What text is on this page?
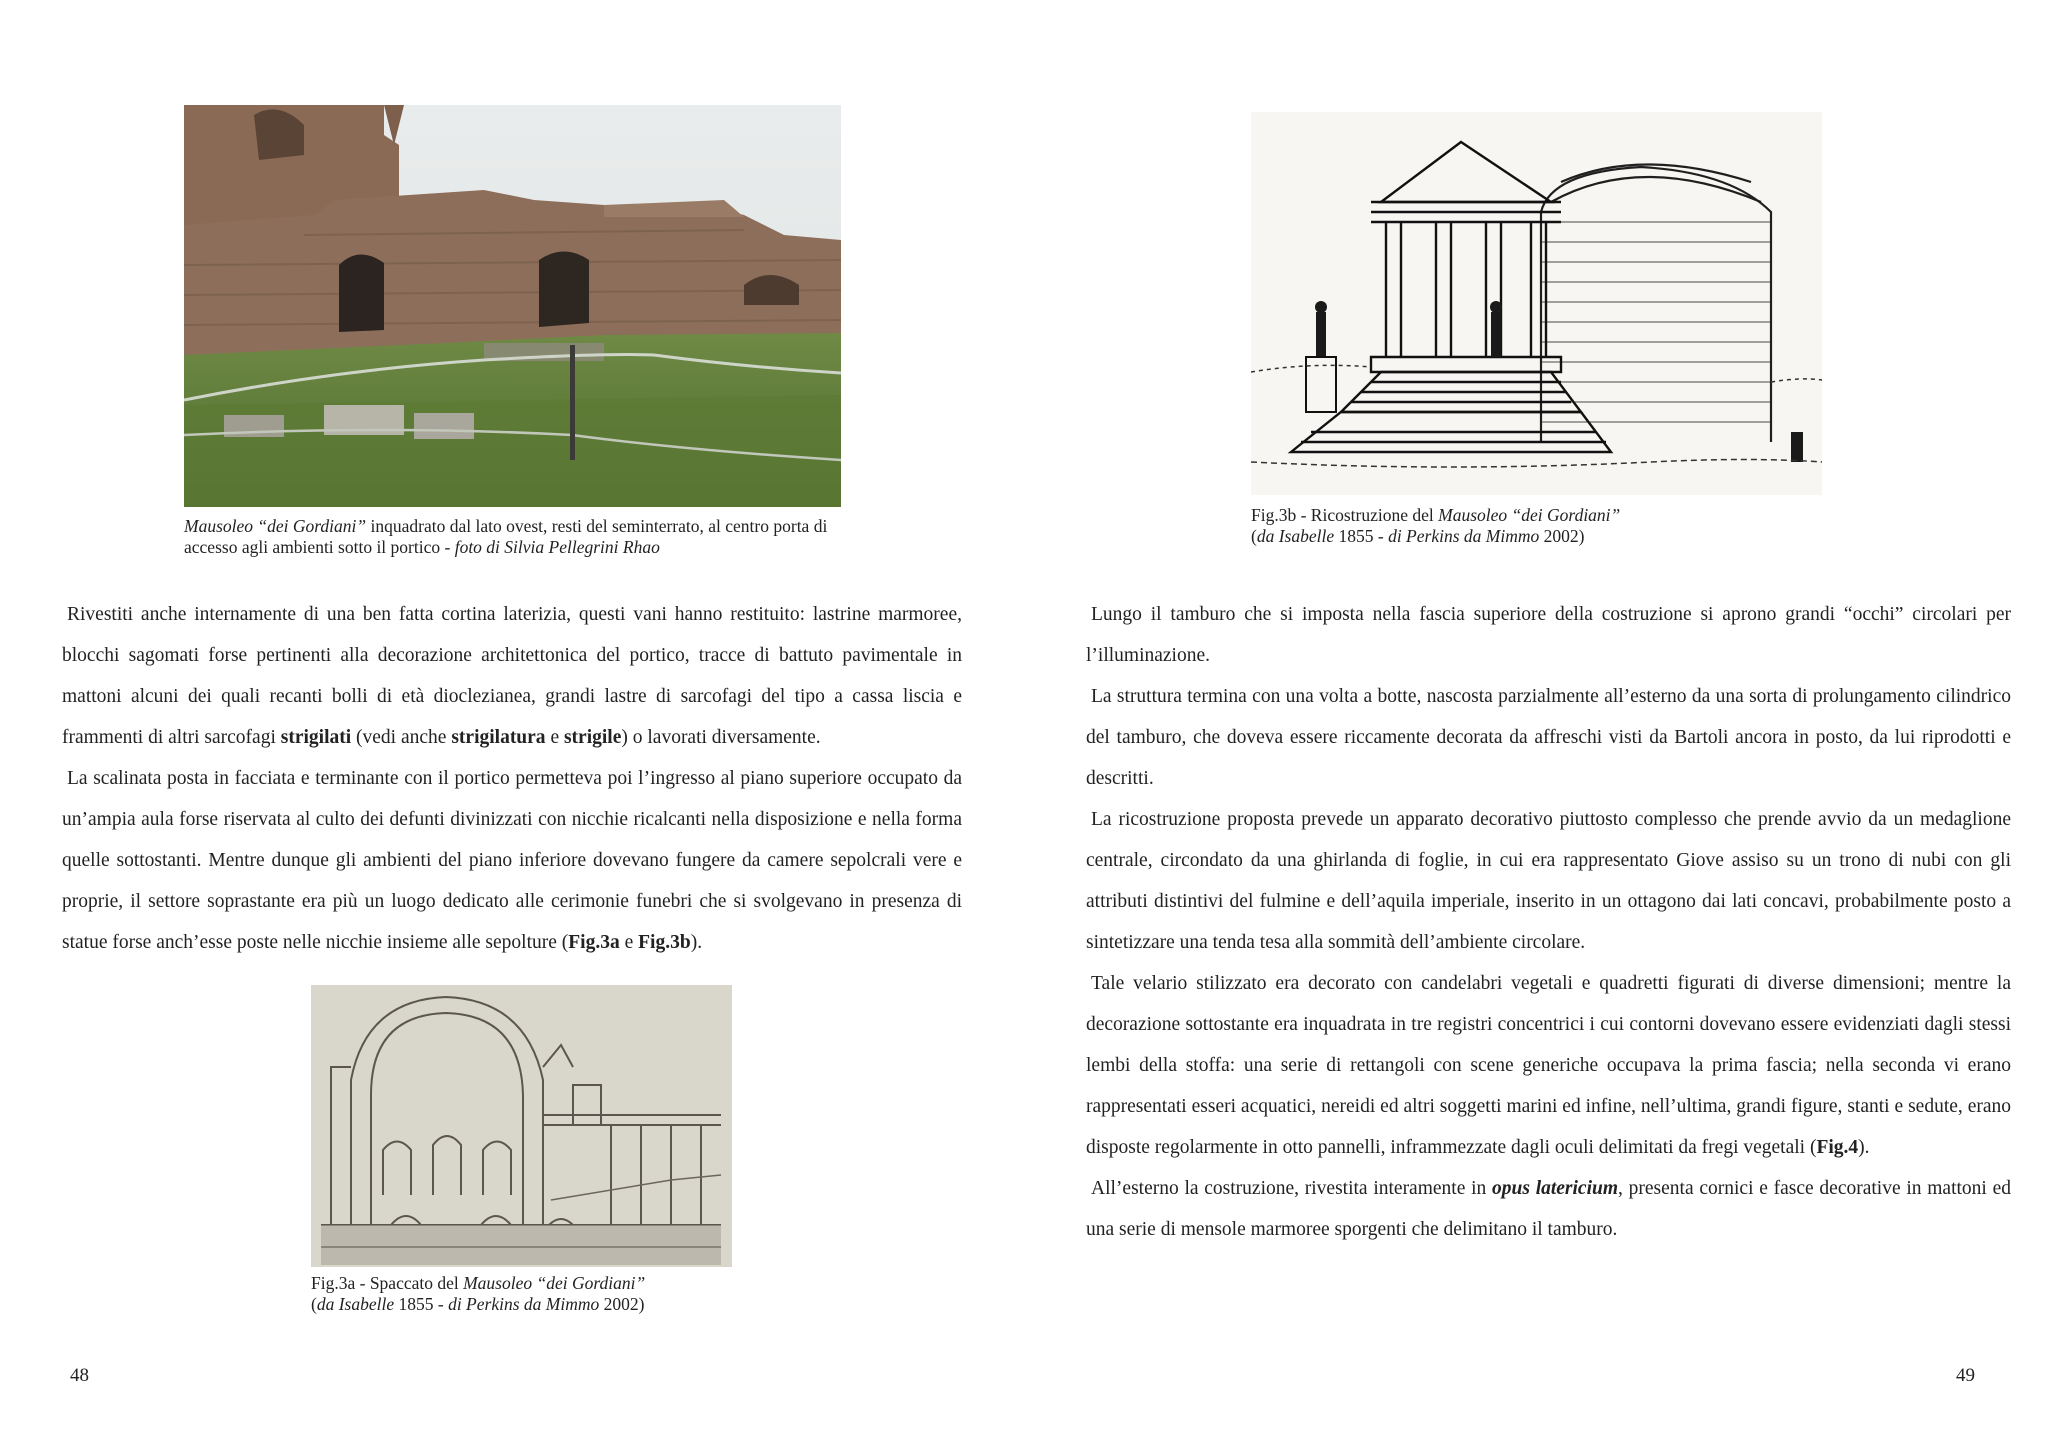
Mausoleo “dei Gordiani” inquadrato dal lato ovest, resti del seminterrato, al centro porta di accesso agli ambienti sotto il portico - foto di Silvia Pellegrini Rhao

Rivestiti anche internamente di una ben fatta cortina laterizia, questi vani hanno restituito: lastrine marmoree, blocchi sagomati forse pertinenti alla decorazione architettonica del portico, tracce di battuto pavimentale in mattoni alcuni dei quali recanti bolli di età dioclezianea, grandi lastre di sarcofagi del tipo a cassa liscia e frammenti di altri sarcofagi strigilati (vedi anche strigilatura e strigile) o lavorati diversamente.

La scalinata posta in facciata e terminante con il portico permetteva poi l’ingresso al piano superiore occupato da un’ampia aula forse riservata al culto dei defunti divinizzati con nicchie ricalcanti nella disposizione e nella forma quelle sottostanti. Mentre dunque gli ambienti del piano inferiore dovevano fungere da camere sepolcrali vere e proprie, il settore soprastante era più un luogo dedicato alle cerimonie funebri che si svolgevano in presenza di statue forse anch’esse poste nelle nicchie insieme alle sepolture (Fig.3a e Fig.3b).

Fig.3a - Spaccato del Mausoleo “dei Gordiani”
(da Isabelle 1855 - di Perkins da Mimmo 2002)
48
Fig.3b - Ricostruzione del Mausoleo “dei Gordiani”
(da Isabelle 1855 - di Perkins da Mimmo 2002)

Lungo il tamburo che si imposta nella fascia superiore della costruzione si aprono grandi “occhi” circolari per l’illuminazione.

La struttura termina con una volta a botte, nascosta parzialmente all’esterno da una sorta di prolungamento cilindrico del tamburo, che doveva essere riccamente decorata da affreschi visti da Bartoli ancora in posto, da lui riprodotti e descritti.

La ricostruzione proposta prevede un apparato decorativo piuttosto complesso che prende avvio da un medaglione centrale, circondato da una ghirlanda di foglie, in cui era rappresentato Giove assiso su un trono di nubi con gli attributi distintivi del fulmine e dell’aquila imperiale, inserito in un ottagono dai lati concavi, probabilmente posto a sintetizzare una tenda tesa alla sommità dell’ambiente circolare.

Tale velario stilizzato era decorato con candelabri vegetali e quadretti figurati di diverse dimensioni; mentre la decorazione sottostante era inquadrata in tre registri concentrici i cui contorni dovevano essere evidenziati dagli stessi lembi della stoffa: una serie di rettangoli con scene generiche occupava la prima fascia; nella seconda vi erano rappresentati esseri acquatici, nereidi ed altri soggetti marini ed infine, nell’ultima, grandi figure, stanti e sedute, erano disposte regolarmente in otto pannelli, inframmezzate dagli oculi delimitati da fregi vegetali (Fig.4).

All’esterno la costruzione, rivestita interamente in opus latericium, presenta cornici e fasce decorative in mattoni ed una serie di mensole marmoree sporgenti che delimitano il tamburo.

49
